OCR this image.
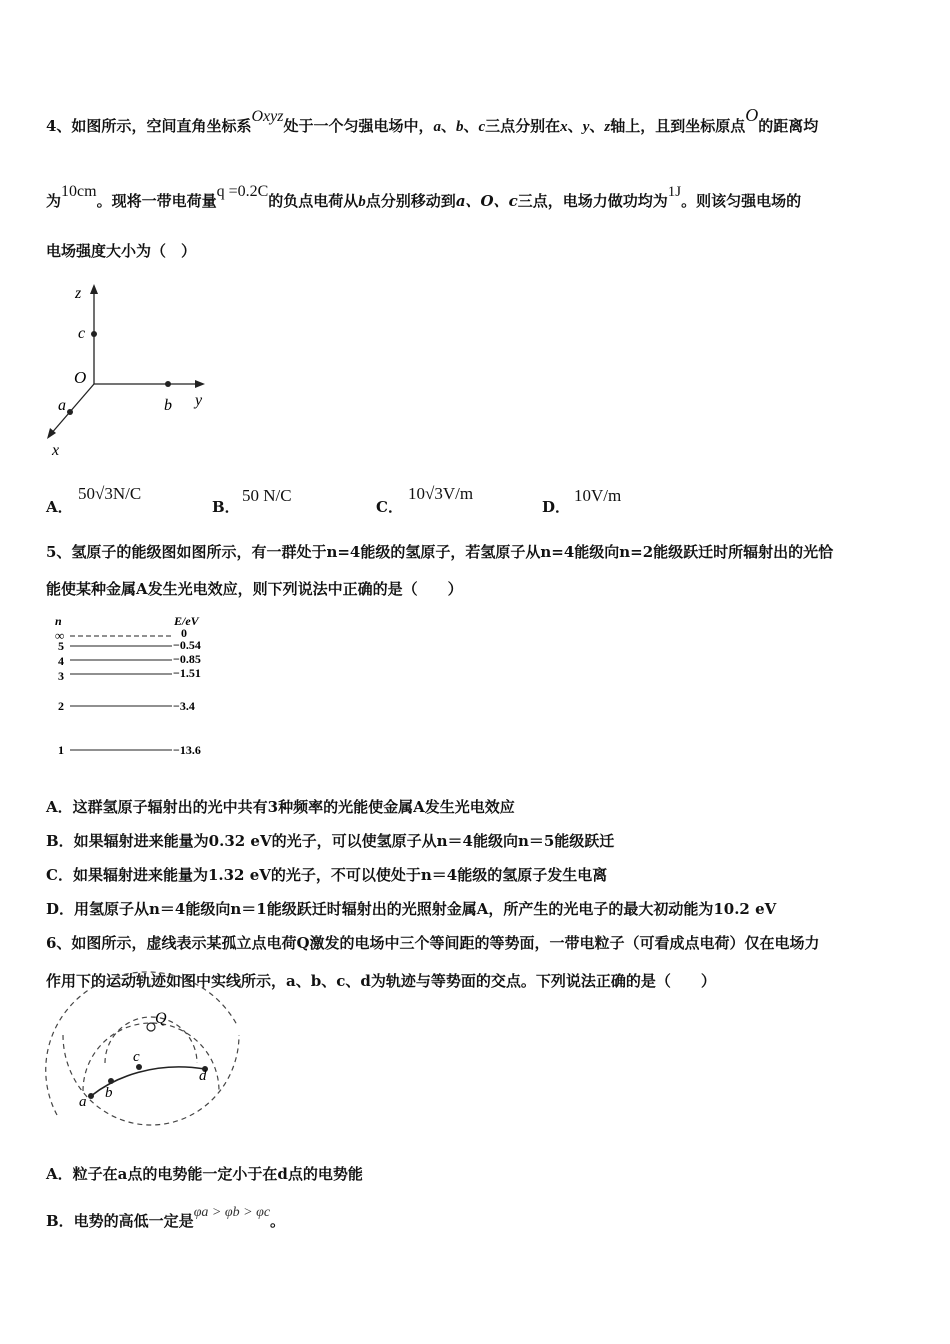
4、如图所示，空间直角坐标系Oxyz处于一个匀强电场中，a、b、c三点分别在x、y、z轴上，且到坐标原点O的距离均
为10cm。现将一带电荷量q =0.2C的负点电荷从b点分别移动到a、O、c三点，电场力做功均为1J。则该匀强电场的
电场强度大小为（　）
z
c
O
a	b y
x
A．
50√3N/C
B．
50 N/C
C．
10√3V/m
D．
10V/m
5、氢原子的能级图如图所示，有一群处于n=4能级的氢原子，若氢原子从n=4能级向n=2能级跃迁时所辐射出的光恰
能使某种金属A发生光电效应，则下列说法中正确的是（　　）
n	E/eV
∞	0
5	−0.54
4	−0.85
3	−1.51
2	−3.4
1	−13.6
A．这群氢原子辐射出的光中共有3种频率的光能使金属A发生光电效应
B．如果辐射进来能量为0.32 eV的光子，可以使氢原子从n＝4能级向n＝5能级跃迁
C．如果辐射进来能量为1.32 eV的光子，不可以使处于n＝4能级的氢原子发生电离
D．用氢原子从n＝4能级向n＝1能级跃迁时辐射出的光照射金属A，所产生的光电子的最大初动能为10.2 eV
6、如图所示，虚线表示某孤立点电荷Q激发的电场中三个等间距的等势面，一带电粒子（可看成点电荷）仅在电场力
作用下的运动轨迹如图中实线所示，a、b、c、d为轨迹与等势面的交点。下列说法正确的是（　　）
Q
a
b
c
d
A．粒子在a点的电势能一定小于在d点的电势能
B．电势的高低一定是φa > φb > φc。
